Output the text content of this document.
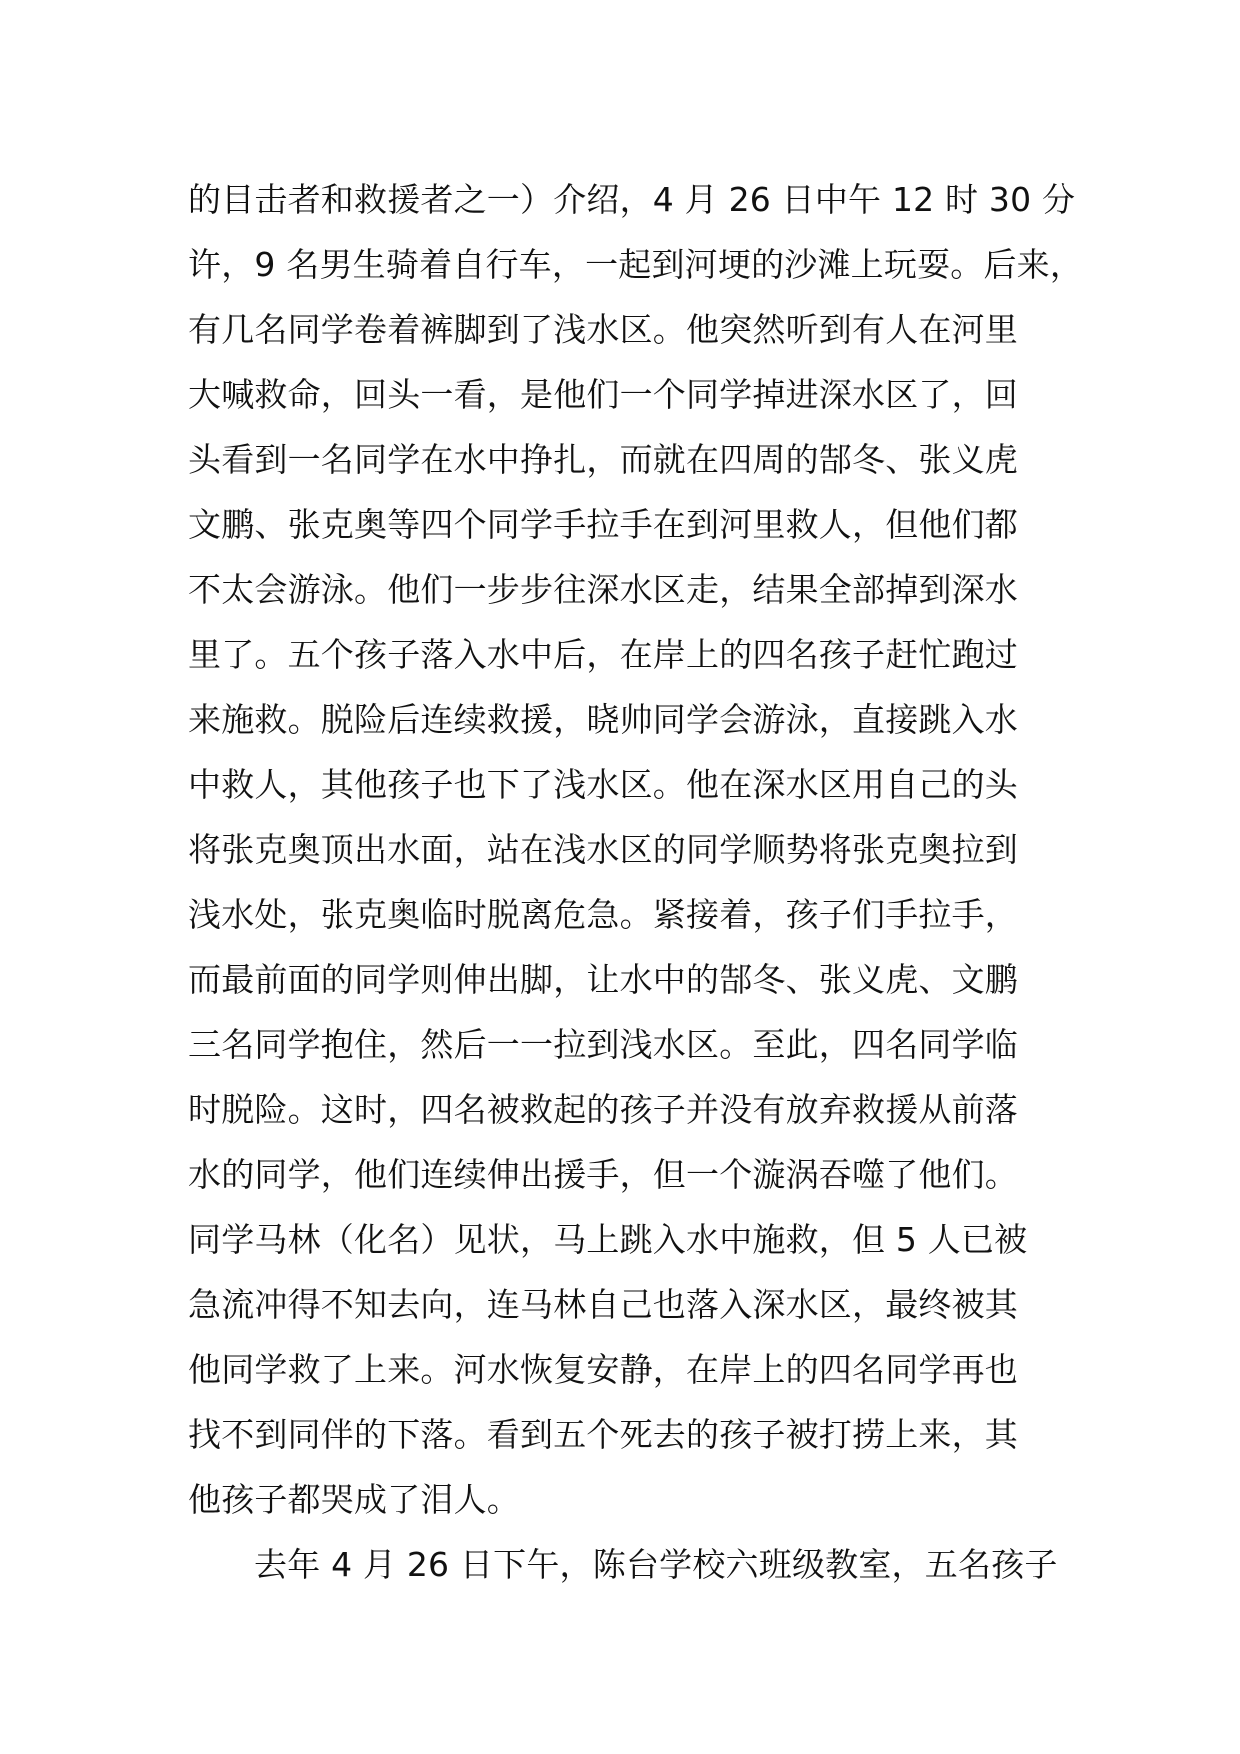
的目击者和救援者之一）介绍，4 月 26 日中午 12 时 30 分
许，9 名男生骑着自行车，一起到河埂的沙滩上玩耍。后来，
有几名同学卷着裤脚到了浅水区。他突然听到有人在河里
大喊救命，回头一看，是他们一个同学掉进深水区了，回
头看到一名同学在水中挣扎，而就在四周的郜冬、张义虎
文鹏、张克奥等四个同学手拉手在到河里救人，但他们都
不太会游泳。他们一步步往深水区走，结果全部掉到深水
里了。五个孩子落入水中后，在岸上的四名孩子赶忙跑过
来施救。脱险后连续救援，晓帅同学会游泳，直接跳入水
中救人，其他孩子也下了浅水区。他在深水区用自己的头
将张克奥顶出水面，站在浅水区的同学顺势将张克奥拉到
浅水处，张克奥临时脱离危急。紧接着，孩子们手拉手，
而最前面的同学则伸出脚，让水中的郜冬、张义虎、文鹏
三名同学抱住，然后一一拉到浅水区。至此，四名同学临
时脱险。这时，四名被救起的孩子并没有放弃救援从前落
水的同学，他们连续伸出援手，但一个漩涡吞噬了他们。
同学马林（化名）见状，马上跳入水中施救，但 5 人已被
急流冲得不知去向，连马林自己也落入深水区，最终被其
他同学救了上来。河水恢复安静，在岸上的四名同学再也
找不到同伴的下落。看到五个死去的孩子被打捞上来，其
他孩子都哭成了泪人。
去年 4 月 26 日下午，陈台学校六班级教室，五名孩子
